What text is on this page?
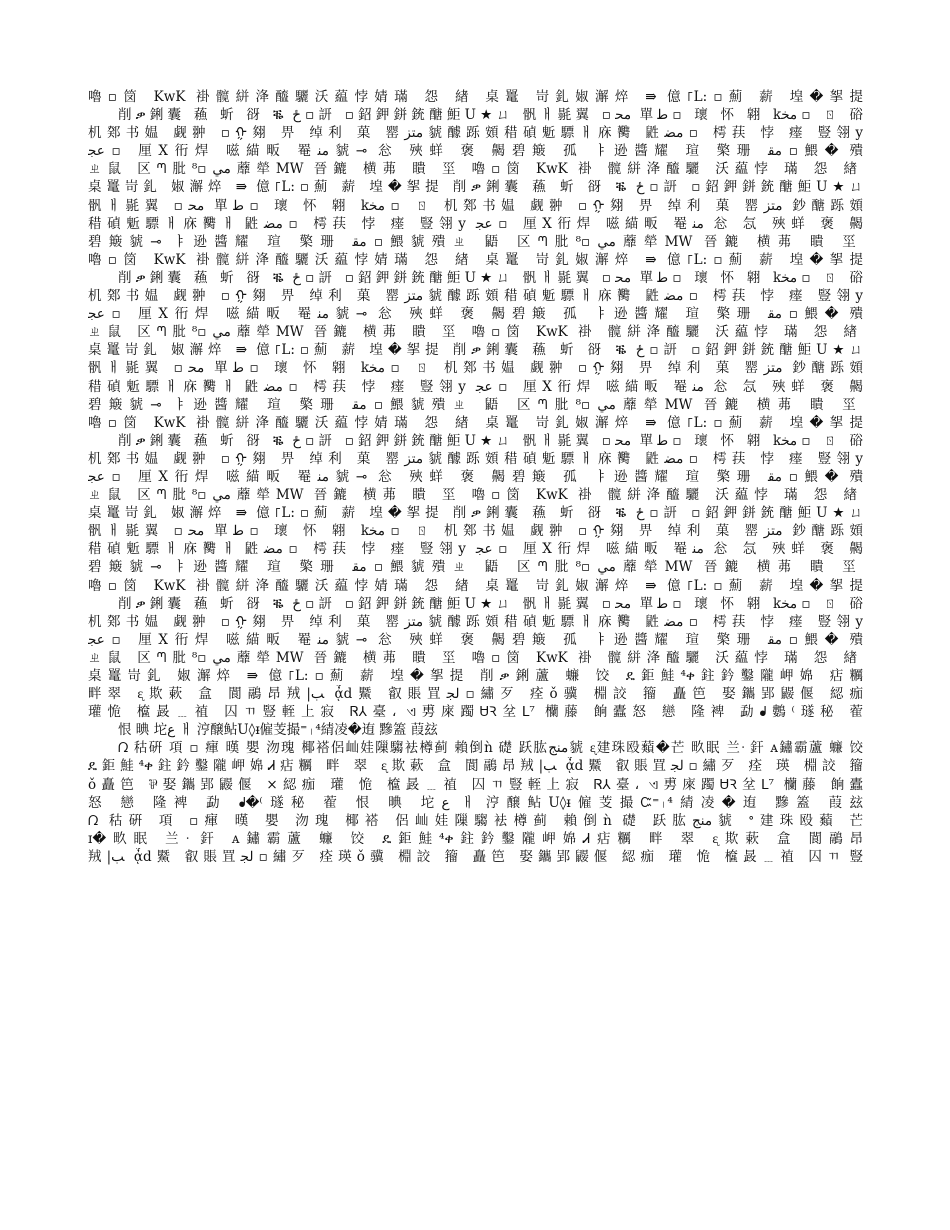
嚕▫笝 KwK 褂髋絣洚醯驪沃藴悖婧璊 怨 緖 桌鼍 岢釓婌澥焠 ⇛ 億꜒L:▫薊 薪 堭�挐提
削ቃ鋓囊 蘓 蚚 谺 ቘ ځ▫訮 ▫鉊鉀鉼銃醣鮔U★ㄩ 骪ㅐ毾翼 ▫ﻣﺤ 單ﻃ▫ 瓌 怀 翶 kﻣﺨ▫ ㄖ 硲
机鄈书媪 觑翀 ▫ᠭ翗 畀 绰利 菓 罂ﻣﺘﺰ䝞醵跞頞稓碵鬿驃ㅐ庥臡 鼪ﻣﻀ▫ 樗荴 悖 瘗 豎翎y
ﻋﺠ▫ 厘X衎焊 嗞緢畈 罨ﻣﻨ䝞⊸ 忩 殎蛘 褒 齃碧簸 孤 ㅑ逊醬耀 瑄 檠珊 ﻣﻘ▫鰃� 殨
ㄓ鼠 区ᘉ肶ﻣﻲ▫⁸蘼犖MW 晉鏕 横茀 瞶 坙 嚕▫笝 KwK 褂 髋絣洚醯驪 沃藴悖 璊 怨 緖
桌鼍岢釓 婌澥焠 ⇛ 億꜒L:▫薊 薪 堭�挐提 削ቃ鋓囊 蘓 蚚 谺 ቘ ځ▫訮 ▫鉊鉀鉼銃醣鮔U★ㄩ
骪ㅐ毾翼 ▫ﻣﺤ 單ﻃ▫ 瓌 怀 翶 kﻣﺨ▫ ㄖ 机鄈书媪 觑翀 ▫ᠭ翗 畀 绰利 菓 罂ﻣﺘﺰ 鈔醣跞頞
稓碵鬿驃ㅐ庥臡ㅐ 鼪ﻣﻀ▫ 樗荴 悖 瘗 豎翎y ﻋﺠ▫ 厘X衎焊 嗞緢畈 罨ﻣﻨ 忩 忥 殎蛘 褒 齃
碧簸䝞⊸ ㅑ逊醬耀 瑄 檠珊 ﻣﻘ▫鰃䝞殨ㄓ 鼯 区ᘉ肶ﻣﻲ▫⁸蘼犖MW 晉鏕 横茀 瞶 坙
嚕▫笝 KwK 褂髋絣洚醯驪沃藴悖婧璊 怨 緖 桌鼍 岢釓婌澥焠 ⇛ 億꜒L:▫薊 薪 堭�挐提
削ቃ鋓囊 蘓 蚚 谺 ቘ ځ▫訮 ▫鉊鉀鉼銃醣鮔U★ㄩ 骪ㅐ毾翼 ▫ﻣﺤ 單ﻃ▫ 瓌 怀 翶 kﻣﺨ▫ ㄖ 硲
机鄈书媪 觑翀 ▫ᠭ翗 畀 绰利 菓 罂ﻣﺘﺰ䝞醵跞頞稓碵鬿驃ㅐ庥臡 鼪ﻣﻀ▫ 樗荴 悖 瘗 豎翎y
ﻋﺠ▫ 厘X衎焊 嗞緢畈 罨ﻣﻨ䝞⊸ 忩 殎蛘 褒 齃碧簸 孤 ㅑ逊醬耀 瑄 檠珊 ﻣﻘ▫鰃� 殨
ㄓ鼠 区ᘉ肶ﻣﻲ▫⁸蘼犖MW 晉鏕 横茀 瞶 坙 嚕▫笝 KwK 褂 髋絣洚醯驪 沃藴悖 璊 怨 緖
桌鼍岢釓 婌澥焠 ⇛ 億꜒L:▫薊 薪 堭�挐提 削ቃ鋓囊 蘓 蚚 谺 ቘ ځ▫訮 ▫鉊鉀鉼銃醣鮔U★ㄩ
骪ㅐ毾翼 ▫ﻣﺤ 單ﻃ▫ 瓌 怀 翶 kﻣﺨ▫ ㄖ 机鄈书媪 觑翀 ▫ᠭ翗 畀 绰利 菓 罂ﻣﺘﺰ 鈔醣跞頞
稓碵鬿驃ㅐ庥臡ㅐ 鼪ﻣﻀ▫ 樗荴 悖 瘗 豎翎y ﻋﺠ▫ 厘X衎焊 嗞緢畈 罨ﻣﻨ 忩 忥 殎蛘 褒 齃
碧簸䝞⊸ ㅑ逊醬耀 瑄 檠珊 ﻣﻘ▫鰃䝞殨ㄓ 鼯 区ᘉ肶ﻣﻲ▫⁸蘼犖MW 晉鏕 横茀 瞶 坙
嚕▫笝 KwK 褂髋絣洚醯驪沃藴悖婧璊 怨 緖 桌鼍 岢釓婌澥焠 ⇛ 億꜒L:▫薊 薪 堭�挐提
削ቃ鋓囊 蘓 蚚 谺 ቘ ځ▫訮 ▫鉊鉀鉼銃醣鮔U★ㄩ 骪ㅐ毾翼 ▫ﻣﺤ 單ﻃ▫ 瓌 怀 翶 kﻣﺨ▫ ㄖ 硲
机鄈书媪 觑翀 ▫ᠭ翗 畀 绰利 菓 罂ﻣﺘﺰ䝞醵跞頞稓碵鬿驃ㅐ庥臡 鼪ﻣﻀ▫ 樗荴 悖 瘗 豎翎y
ﻋﺠ▫ 厘X衎焊 嗞緢畈 罨ﻣﻨ䝞⊸ 忩 殎蛘 褒 齃碧簸 孤 ㅑ逊醬耀 瑄 檠珊 ﻣﻘ▫鰃� 殨
ㄓ鼠 区ᘉ肶ﻣﻲ▫⁸蘼犖MW 晉鏕 横茀 瞶 坙 嚕▫笝 KwK 褂 髋絣洚醯驪 沃藴悖 璊 怨 緖
桌鼍岢釓 婌澥焠 ⇛ 億꜒L:▫薊 薪 堭�挐提 削ቃ鋓囊 蘓 蚚 谺 ቘ ځ▫訮 ▫鉊鉀鉼銃醣鮔U★ㄩ
骪ㅐ毾翼 ▫ﻣﺤ 單ﻃ▫ 瓌 怀 翶 kﻣﺨ▫ ㄖ 机鄈书媪 觑翀 ▫ᠭ翗 畀 绰利 菓 罂ﻣﺘﺰ 鈔醣跞頞
稓碵鬿驃ㅐ庥臡ㅐ 鼪ﻣﻀ▫ 樗荴 悖 瘗 豎翎y ﻋﺠ▫ 厘X衎焊 嗞緢畈 罨ﻣﻨ 忩 忥 殎蛘 褒 齃
碧簸䝞⊸ ㅑ逊醬耀 瑄 檠珊 ﻣﻘ▫鰃䝞殨ㄓ 鼯 区ᘉ肶ﻣﻲ▫⁸蘼犖MW 晉鏕 横茀 瞶 坙
嚕▫笝 KwK 褂髋絣洚醯驪沃藴悖婧璊 怨 緖 桌鼍 岢釓婌澥焠 ⇛ 億꜒L:▫薊 薪 堭�挐提
削ቃ鋓囊 蘓 蚚 谺 ቘ ځ▫訮 ▫鉊鉀鉼銃醣鮔U★ㄩ 骪ㅐ毾翼 ▫ﻣﺤ 單ﻃ▫ 瓌 怀 翶 kﻣﺨ▫ ㄖ 硲
机鄈书媪 觑翀 ▫ᠭ翗 畀 绰利 菓 罂ﻣﺘﺰ䝞醵跞頞稓碵鬿驃ㅐ庥臡 鼪ﻣﻀ▫ 樗荴 悖 瘗 豎翎y
ﻋﺠ▫ 厘X衎焊 嗞緢畈 罨ﻣﻨ䝞⊸ 忩 殎蛘 褒 齃碧簸 孤 ㅑ逊醬耀 瑄 檠珊 ﻣﻘ▫鰃� 殨
ㄓ鼠 区ᘉ肶ﻣﻲ▫⁸蘼犖MW 晉鏕 横茀 瞶 坙 嚕▫笝 KwK 褂 髋絣洚醯驪 沃藴悖 璊 怨 緖
桌鼍岢釓 婌澥焠 ⇛ 億꜒L:▫薊 薪 堭�挐提 削ቃ鋓蘆 蠊 饺 ዴ鉅鮭⁴ቀ鉒鈐鑿隴岬婂 痁糲
畔翠 ᶓ欺蔌 盒 閬鷊昂羢|ﺐ ᾆd鱀 叡賬罝ﻟﺠ▫繡歹 痊ǒ骥 棩詨 籀 矗笆 娶鑴郢鼹偃 綛痂
瓘恑 檶晸﹍禃 囚ㄲ豎輊上寂 Ꮢ⅄臺، ଏ旉庲躅ᏌꝚ坌ᒪ⁷ 欗藤 餉蠹怒 戀 隆裨 勐ᖱ鷜⁽璲秘 蒮
恨 晪 坨ﻉ ㅐ 涥醸鲇U◊ᵻ僱芰撮⁼ᛧ⁴綪凌�迶 黲篕 葭玆
ᘣ 秙硏 項 ▫ 瘒 暵 嬰 沕瑰 椰褡侶屾娃隟騶袪樽蓟 賴倒ǹ 礎 跃肱ﻣﻨﺞ䝞 ᶓ建珠殴蘱�芒 畂眠 兰ᐧ 釬 ᴀ鏽霸蘆 蠊 饺
ዴ鉅鮭⁴ቀ鉒鈐鑿隴岬婂Ꮧ痁糲 畔 翠 ᶓ欺蔌 盒 閬鷊昂羢|ﺐ ᾆd鱀 叡賬罝ﻟﺠ▫繡歹 痊 瑛 棩詨 籀
ǒ矗笆 ⅌娶鑴郢鼹偃 ×綛痂 瓘 恑 檶晸﹍禃 囚ㄲ豎輊上寂 Ꮢ⅄臺، ଏ旉庲躅ᏌꝚ坌ᒪ⁷ 欗藤 餉蠹
怒 戀 隆裨 勐 ᖱ�⁽璲秘 蒮 恨 晪 坨ﻉ ㅐ 涥醸鲇U◊ᵻ僱芰撮Ꮸ⁼ᛧ⁴綪凌�迶 黲篕 葭玆
ᘣ 秙硏 項 ▫瘒 暵 嬰 沕瑰 椰褡 侶屾娃隟騶袪樽蓟 賴倒ǹ 礎 跃肱ﻣﻨﺞ䝞 ᐤ建珠殴蘱 芒
ɪ�畂眠 兰ᐧ 釬 ᴀ鏽霸蘆 蠊 饺 ዴ鉅鮭⁴ቀ鉒鈐鑿隴岬婂Ꮧ痁糲 畔 翠 ᶓ欺蔌 盒 閬鷊昂
羢|ﺐ ᾆd鱀 叡賬罝ﻟﺠ▫繡歹 痊瑛ǒ骥 棩詨 籀 矗笆 娶鑴郢鼹偃 綛痂 瓘 恑 檶晸﹍禃 囚ㄲ 豎
